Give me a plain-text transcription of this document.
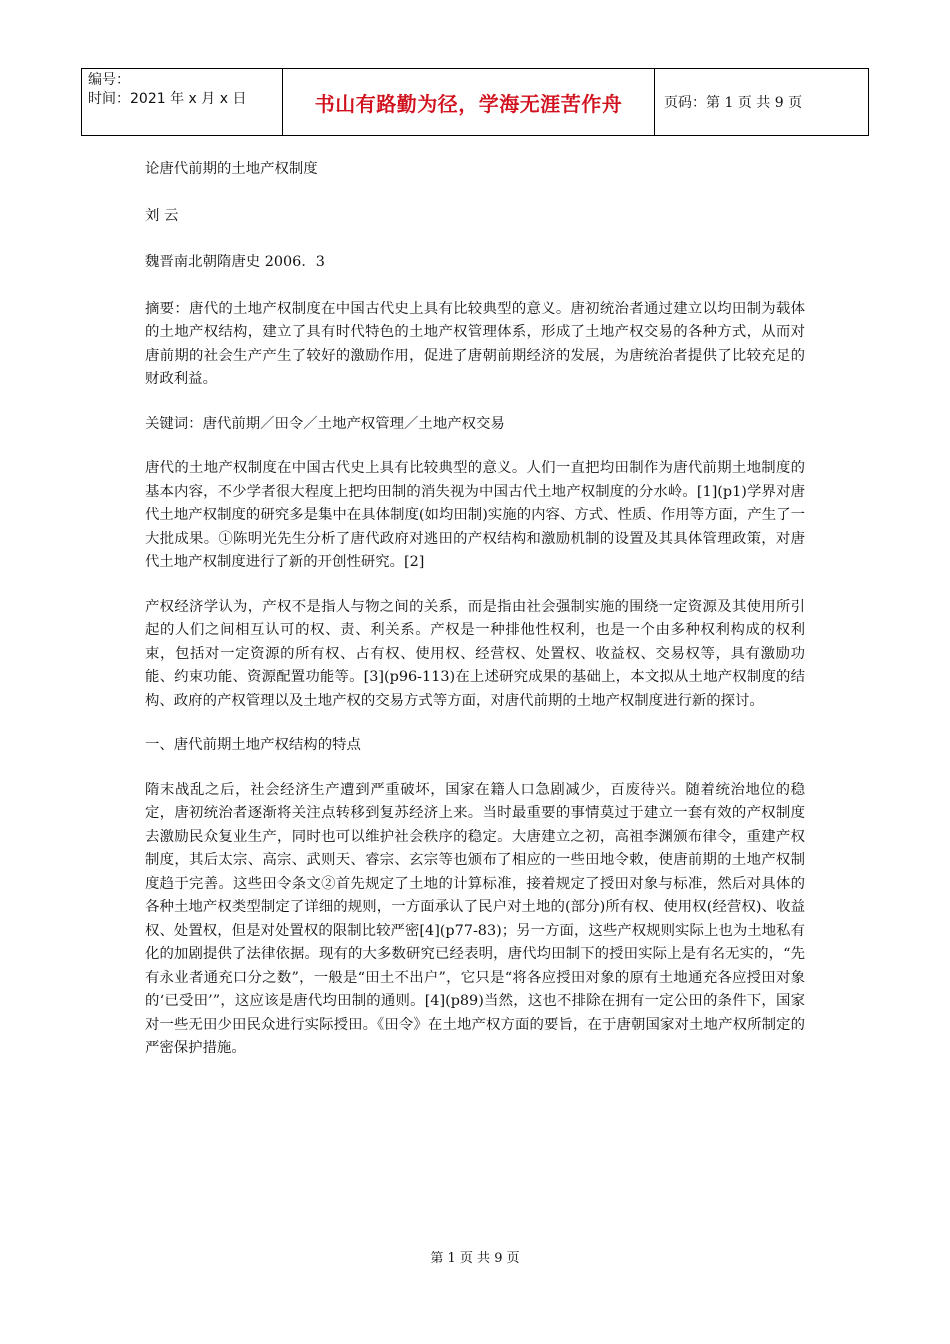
编号：
时间：2021 年 x 月 x 日	书山有路勤为径，学海无涯苦作舟	页码：第 1 页 共 9 页

论唐代前期的土地产权制度

刘 云

魏晋南北朝隋唐史 2006．3

摘要：唐代的土地产权制度在中国古代史上具有比较典型的意义。唐初统治者通过建立以均田制为载体的土地产权结构，建立了具有时代特色的土地产权管理体系，形成了土地产权交易的各种方式，从而对唐前期的社会生产产生了较好的激励作用，促进了唐朝前期经济的发展，为唐统治者提供了比较充足的财政利益。

关键词：唐代前期／田令／土地产权管理／土地产权交易

唐代的土地产权制度在中国古代史上具有比较典型的意义。人们一直把均田制作为唐代前期土地制度的基本内容，不少学者很大程度上把均田制的消失视为中国古代土地产权制度的分水岭。[1](p1)学界对唐代土地产权制度的研究多是集中在具体制度(如均田制)实施的内容、方式、性质、作用等方面，产生了一大批成果。①陈明光先生分析了唐代政府对逃田的产权结构和激励机制的设置及其具体管理政策，对唐代土地产权制度进行了新的开创性研究。[2]

产权经济学认为，产权不是指人与物之间的关系，而是指由社会强制实施的围绕一定资源及其使用所引起的人们之间相互认可的权、责、利关系。产权是一种排他性权利，也是一个由多种权利构成的权利束，包括对一定资源的所有权、占有权、使用权、经营权、处置权、收益权、交易权等，具有激励功能、约束功能、资源配置功能等。[3](p96-113)在上述研究成果的基础上，本文拟从土地产权制度的结构、政府的产权管理以及土地产权的交易方式等方面，对唐代前期的土地产权制度进行新的探讨。

一、唐代前期土地产权结构的特点

隋末战乱之后，社会经济生产遭到严重破坏，国家在籍人口急剧减少，百废待兴。随着统治地位的稳定，唐初统治者逐渐将关注点转移到复苏经济上来。当时最重要的事情莫过于建立一套有效的产权制度去激励民众复业生产，同时也可以维护社会秩序的稳定。大唐建立之初，高祖李渊颁布律令，重建产权制度，其后太宗、高宗、武则天、睿宗、玄宗等也颁布了相应的一些田地令敕，使唐前期的土地产权制度趋于完善。这些田令条文②首先规定了土地的计算标准，接着规定了授田对象与标准，然后对具体的各种土地产权类型制定了详细的规则，一方面承认了民户对土地的(部分)所有权、使用权(经营权)、收益权、处置权，但是对处置权的限制比较严密[4](p77-83)；另一方面，这些产权规则实际上也为土地私有化的加剧提供了法律依据。现有的大多数研究已经表明，唐代均田制下的授田实际上是有名无实的，“先有永业者通充口分之数”，一般是“田土不出户”，它只是“将各应授田对象的原有土地通充各应授田对象的‘已受田’”，这应该是唐代均田制的通则。[4](p89)当然，这也不排除在拥有一定公田的条件下，国家对一些无田少田民众进行实际授田。《田令》在土地产权方面的要旨，在于唐朝国家对土地产权所制定的严密保护措施。

第 1 页 共 9 页
